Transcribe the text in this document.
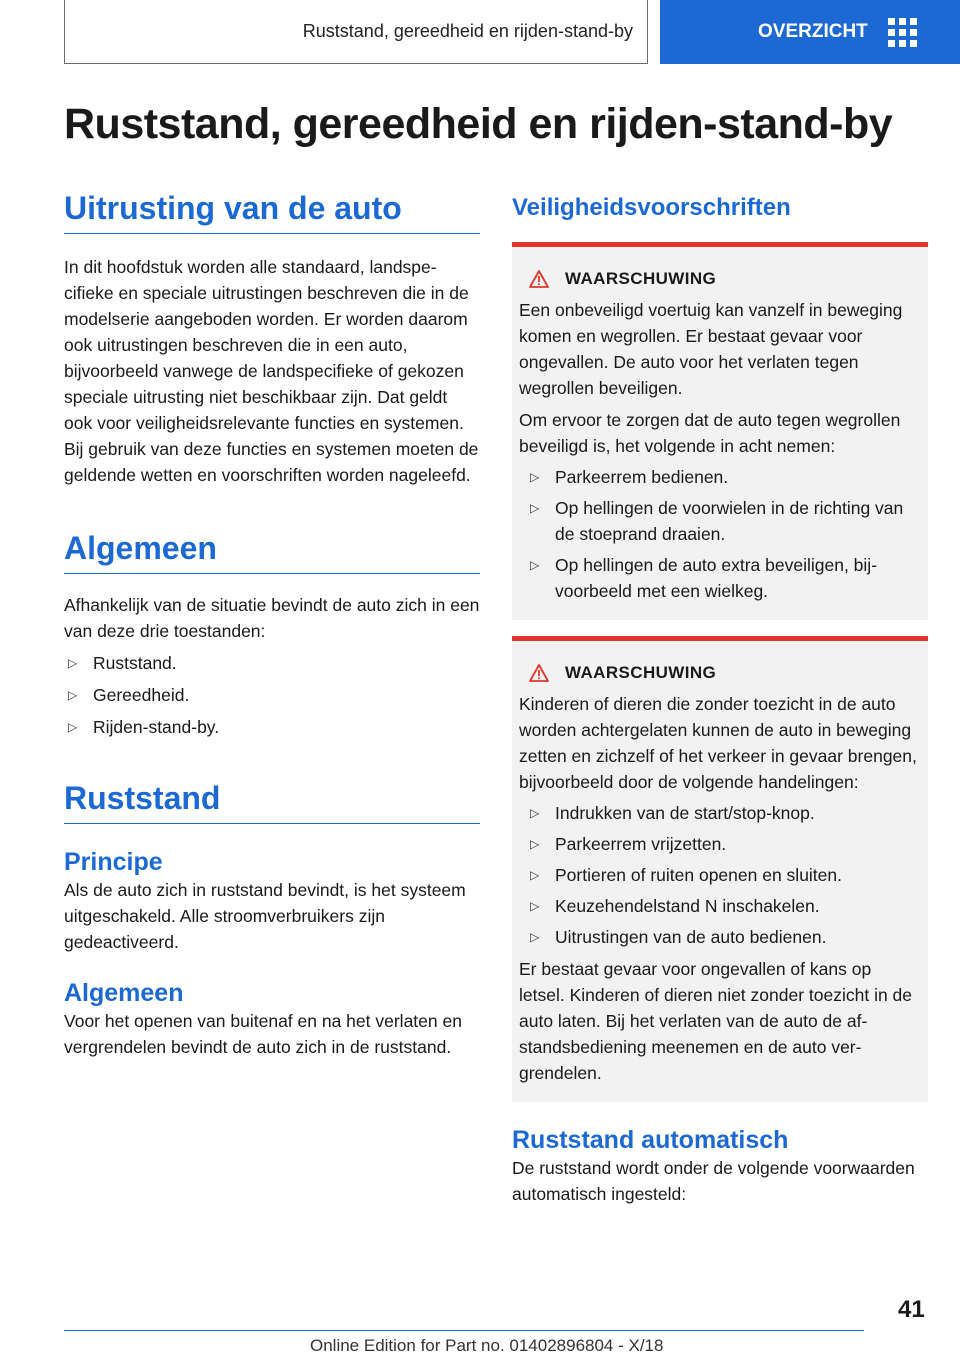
Ruststand, gereedheid en rijden-stand-by	OVERZICHT
Ruststand, gereedheid en rijden-stand-by
Uitrusting van de auto

In dit hoofdstuk worden alle standaard, landspecifieke en speciale uitrustingen beschreven die in de modelserie aangeboden worden. Er worden daarom ook uitrustingen beschreven die in een auto, bijvoorbeeld vanwege de landspecifieke of gekozen speciale uitrusting niet beschikbaar zijn. Dat geldt ook voor veiligheidsrelevante functies en systemen. Bij gebruik van deze functies en systemen moeten de geldende wetten en voorschriften worden nageleefd.

Algemeen

Afhankelijk van de situatie bevindt de auto zich in een van deze drie toestanden:

▷ Ruststand.
▷ Gereedheid.
▷ Rijden-stand-by.
Ruststand
Principe

Als de auto zich in ruststand bevindt, is het systeem uitgeschakeld. Alle stroomverbruikers zijn gedeactiveerd.

Algemeen

Voor het openen van buitenaf en na het verlaten en vergrendelen bevindt de auto zich in de ruststand.

Veiligheidsvoorschriften
WAARSCHUWING

Een onbeveiligd voertuig kan vanzelf in beweging komen en wegrollen. Er bestaat gevaar voor ongevallen. De auto voor het verlaten tegen wegrollen beveiligen.

Om ervoor te zorgen dat de auto tegen wegrollen beveiligd is, het volgende in acht nemen:

▷ Parkeerrem bedienen.
▷ Op hellingen de voorwielen in de richting van de stoeprand draaien.
▷ Op hellingen de auto extra beveiligen, bijvoorbeeld met een wielkeg.
WAARSCHUWING

Kinderen of dieren die zonder toezicht in de auto worden achtergelaten kunnen de auto in beweging zetten en zichzelf of het verkeer in gevaar brengen, bijvoorbeeld door de volgende handelingen:

▷ Indrukken van de start/stop-knop.
▷ Parkeerrem vrijzetten.
▷ Portieren of ruiten openen en sluiten.
▷ Keuzehendelstand N inschakelen.
▷ Uitrustingen van de auto bedienen.

Er bestaat gevaar voor ongevallen of kans op letsel. Kinderen of dieren niet zonder toezicht in de auto laten. Bij het verlaten van de auto de afstandsbediening meenemen en de auto vergrendelen.

Ruststand automatisch

De ruststand wordt onder de volgende voorwaarden automatisch ingesteld:

41
Online Edition for Part no. 01402896804 - X/18
